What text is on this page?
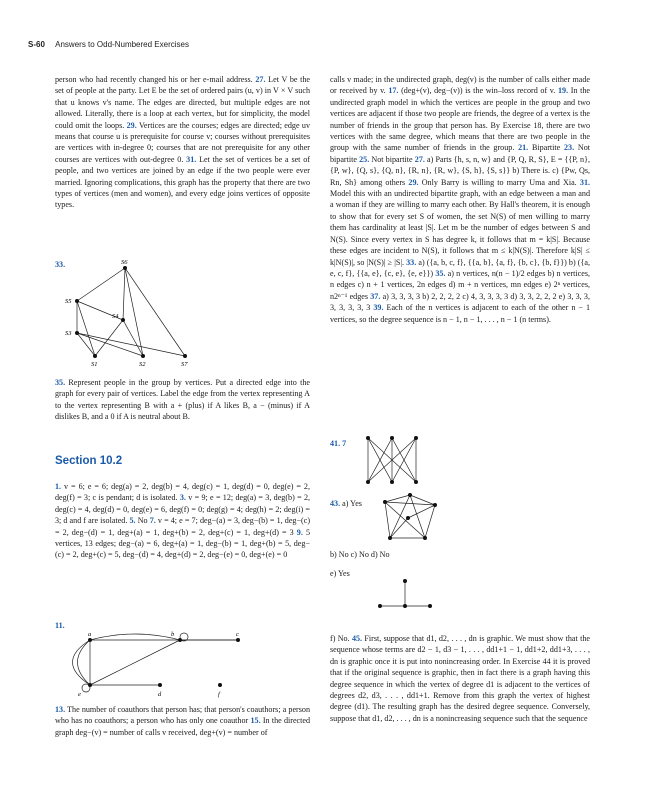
S-60 Answers to Odd-Numbered Exercises

person who had recently changed his or her e-mail address. 27. Let V be the set of people at the party. Let E be the set of ordered pairs (u, v) in V × V such that u knows v's name. The edges are directed, but multiple edges are not allowed. Literally, there is a loop at each vertex, but for simplicity, the model could omit the loops. 29. Vertices are the courses; edges are directed; edge uv means that course u is prerequisite for course v; courses without prerequisites are vertices with in-degree 0; courses that are not prerequisite for any other courses are vertices with out-degree 0. 31. Let the set of vertices be a set of people, and two vertices are joined by an edge if the two people were ever married. Ignoring complications, this graph has the property that there are two types of vertices (men and women), and every edge joins vertices of opposite types.

33.	S6
S5
S4
S3
S1	S2	S7
35. Represent people in the group by vertices. Put a directed edge into the graph for every pair of vertices. Label the edge from the vertex representing A to the vertex representing B with a + (plus) if A likes B, a − (minus) if A dislikes B, and a 0 if A is neutral about B.
Section 10.2
1. v = 6; e = 6; deg(a) = 2, deg(b) = 4, deg(c) = 1, deg(d) = 0, deg(e) = 2, deg(f) = 3; c is pendant; d is isolated. 3. v = 9; e = 12; deg(a) = 3, deg(b) = 2, deg(c) = 4, deg(d) = 0, deg(e) = 6, deg(f) = 0; deg(g) = 4; deg(h) = 2; deg(i) = 3; d and f are isolated. 5. No 7. v = 4; e = 7; deg−(a) = 3, deg−(b) = 1, deg−(c) = 2, deg−(d) = 1, deg+(a) = 1, deg+(b) = 2, deg+(c) = 1, deg+(d) = 3 9. 5 vertices, 13 edges; deg−(a) = 6, deg+(a) = 1, deg−(b) = 1, deg+(b) = 5, deg−(c) = 2, deg+(c) = 5, deg−(d) = 4, deg+(d) = 2, deg−(e) = 0, deg+(e) = 0
11.
a	b	c
e	d	f
13. The number of coauthors that person has; that person's coauthors; a person who has no coauthors; a person who has only one coauthor 15. In the directed graph deg−(v) = number of calls v received, deg+(v) = number of

calls v made; in the undirected graph, deg(v) is the number of calls either made or received by v. 17. (deg+(v), deg−(v)) is the win–loss record of v. 19. In the undirected graph model in which the vertices are people in the group and two vertices are adjacent if those two people are friends, the degree of a vertex is the number of friends in the group that person has. By Exercise 18, there are two vertices with the same degree, which means that there are two people in the group with the same number of friends in the group. 21. Bipartite 23. Not bipartite 25. Not bipartite 27. a) Parts {h, s, n, w} and {P, Q, R, S}, E = {{P, n}, {P, w}, {Q, s}, {Q, n}, {R, n}, {R, w}, {S, h}, {S, s}} b) There is. c) {Pw, Qs, Rn, Sh} among others 29. Only Barry is willing to marry Uma and Xia. 31. Model this with an undirected bipartite graph, with an edge between a man and a woman if they are willing to marry each other. By Hall's theorem, it is enough to show that for every set S of women, the set N(S) of men willing to marry them has cardinality at least |S|. Let m be the number of edges between S and N(S). Since every vertex in S has degree k, it follows that m = k|S|. Because these edges are incident to N(S), it follows that m ≤ k|N(S)|. Therefore k|S| ≤ k|N(S)|, so |N(S)| ≥ |S|. 33. a) ({a, b, c, f}, {{a, b}, {a, f}, {b, c}, {b, f}}) b) ({a, e, c, f}, {{a, e}, {c, e}, {e, e}}) 35. a) n vertices, n(n − 1)/2 edges b) n vertices, n edges c) n + 1 vertices, 2n edges d) m + n vertices, mn edges e) 2ⁿ vertices, n2ⁿ⁻¹ edges 37. a) 3, 3, 3, 3 b) 2, 2, 2, 2 c) 4, 3, 3, 3, 3 d) 3, 3, 2, 2, 2 e) 3, 3, 3, 3, 3, 3, 3, 3 39. Each of the n vertices is adjacent to each of the other n − 1 vertices, so the degree sequence is n − 1, n − 1, . . . , n − 1 (n terms).

41. 7
43. a) Yes
b) No c) No d) No
e) Yes
f) No. 45. First, suppose that d1, d2, . . . , dn is graphic. We must show that the sequence whose terms are d2 − 1, d3 − 1, . . . , dd1+1 − 1, dd1+2, dd1+3, . . . , dn is graphic once it is put into nonincreasing order. In Exercise 44 it is proved that if the original sequence is graphic, then in fact there is a graph having this degree sequence in which the vertex of degree d1 is adjacent to the vertices of degrees d2, d3, . . . , dd1+1. Remove from this graph the vertex of highest degree (d1). The resulting graph has the desired degree sequence. Conversely, suppose that d1, d2, . . . , dn is a nonincreasing sequence such that the sequence
